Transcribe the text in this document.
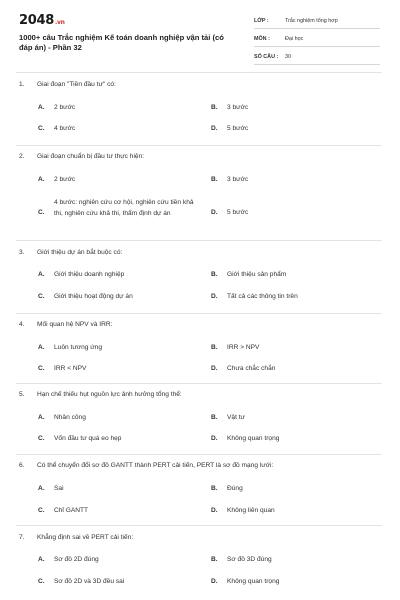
2048.vn
1000+ câu Trắc nghiệm Kế toán doanh nghiệp vận tải (có đáp án) - Phần 32
LỚP :	Trắc nghiệm tổng hợp
MÔN :	Đại học
SỐ CÂU :	30
1. Giai đoạn "Tiền đầu tư" có:
A. 2 bước	B. 3 bước
C. 4 bước	D. 5 bước
2. Giai đoạn chuẩn bị đầu tư thực hiện:
A. 2 bước	B. 3 bước
C.
4 bước: nghiên cứu cơ hội, nghiên cứu tiền khả thi, nghiên cứu khả thi, thẩm định dự án	D. 5 bước
3. Giới thiệu dự án bắt buộc có:
A. Giới thiệu doanh nghiệp	B. Giới thiệu sản phẩm
C. Giới thiệu hoạt động dự án	D. Tất cả các thông tin trên
4. Mối quan hệ NPV và IRR:
A. Luôn tương ứng	B. IRR > NPV
C. IRR < NPV	D. Chưa chắc chắn
5. Hạn chế thiếu hụt nguồn lực ảnh hưởng tổng thể:
A. Nhân công	B. Vật tư
C. Vốn đầu tư quá eo hẹp	D. Không quan trọng
6. Có thể chuyển đổi sơ đồ GANTT thành PERT cải tiến, PERT là sơ đồ mạng lưới:
A. Sai	B. Đúng
C. Chỉ GANTT	D. Không liên quan
7. Khẳng định sai về PERT cải tiến:
A. Sơ đồ 2D đúng	B. Sơ đồ 3D đúng
C. Sơ đồ 2D và 3D đều sai	D. Không quan trọng
